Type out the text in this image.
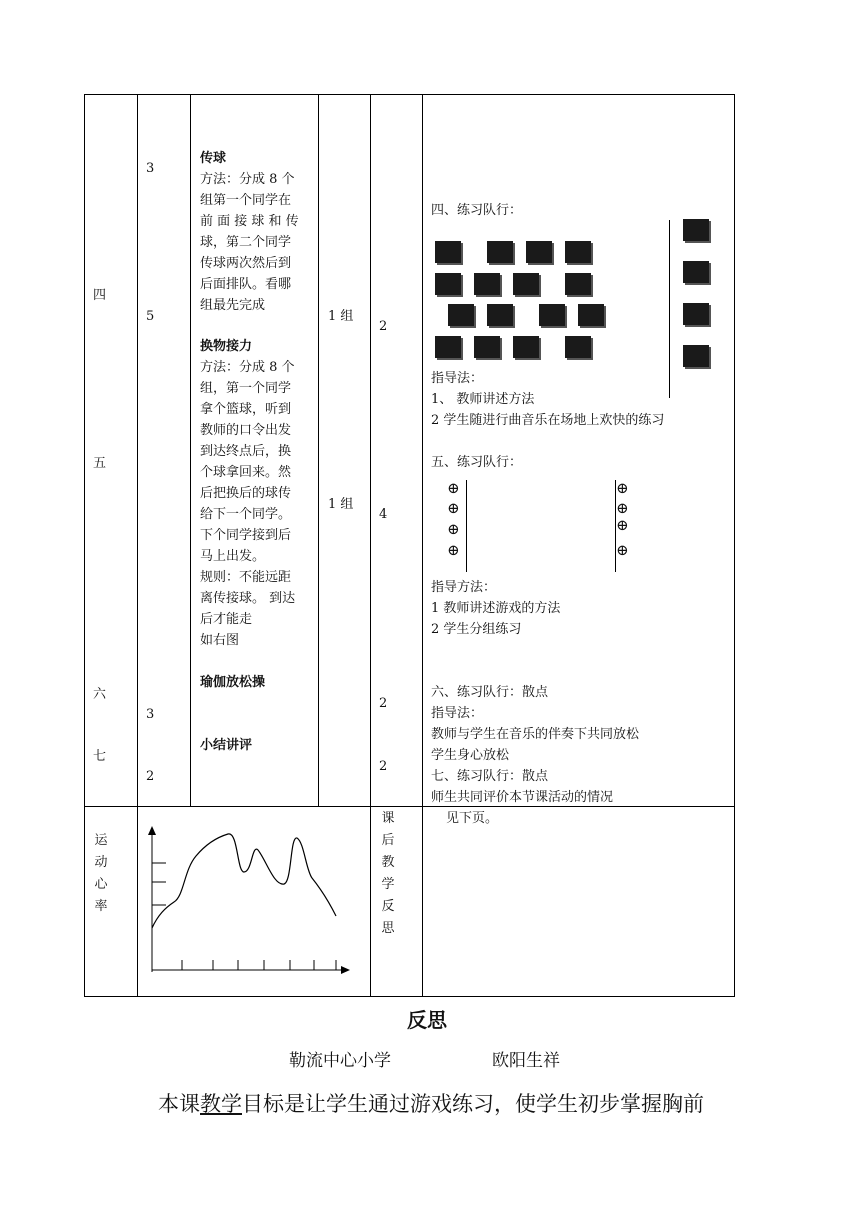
四
五
六
七
3
5
3
2
传球
方法：分成 8 个
组第一个同学在
前 面 接 球 和 传
球，第二个同学
传球两次然后到
后面排队。看哪
组最先完成
换物接力
方法：分成 8 个
组，第一个同学
拿个篮球，听到
教师的口令出发
到达终点后，换
个球拿回来。然
后把换后的球传
给下一个同学。
下个同学接到后
马上出发。
规则：不能远距
离传接球。 到达
后才能走
如右图
瑜伽放松操
小结讲评
1 组
1 组
2
4
2
2
四、练习队行：
指导法：
1、 教师讲述方法
2 学生随进行曲音乐在场地上欢快的练习
五、练习队行：
⊕
⊕
⊕
⊕
⊕
⊕
⊕
⊕
指导方法：
1 教师讲述游戏的方法
2 学生分组练习
六、练习队行：散点
指导法：
教师与学生在音乐的伴奏下共同放松
学生身心放松
七、练习队行：散点
师生共同评价本节课活动的情况
运
动
心
率
课
后
教
学
反
思
见下页。
反思
勒流中心小学	欧阳生祥
本课教学目标是让学生通过游戏练习，使学生初步掌握胸前
